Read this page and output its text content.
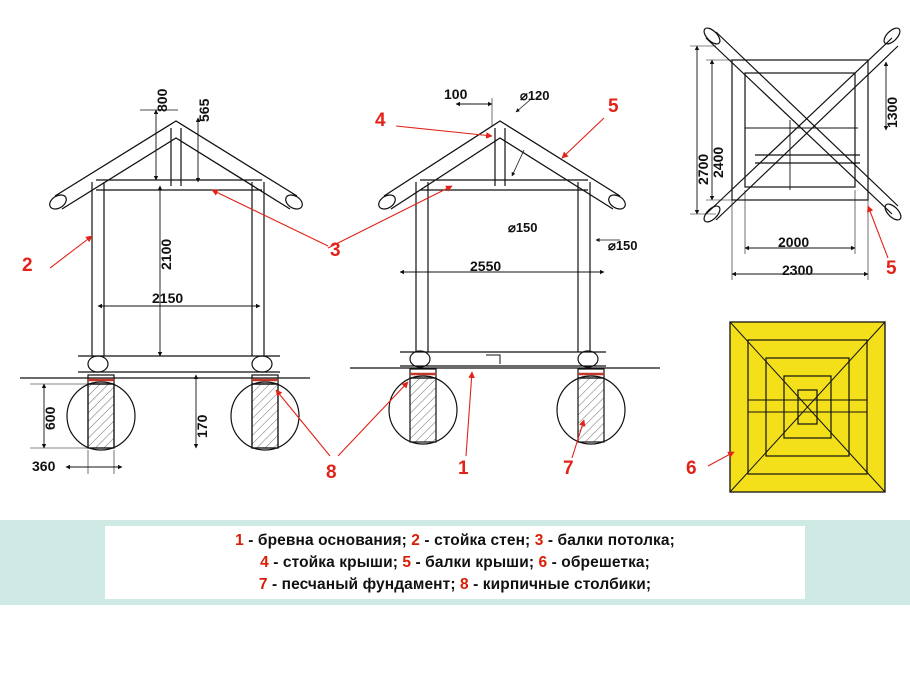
2
3
4
5
5
6
7
1
8
800 565
2100
2150
600	170
360
100	⌀120
⌀150
⌀150
2550
1300
2400
2700
2000
2300
1 - бревна основания; 2 - стойка стен; 3 - балки потолка;
4 - стойка крыши; 5 - балки крыши; 6 - обрешетка;
7 - песчаный фундамент; 8 - кирпичные столбики;
